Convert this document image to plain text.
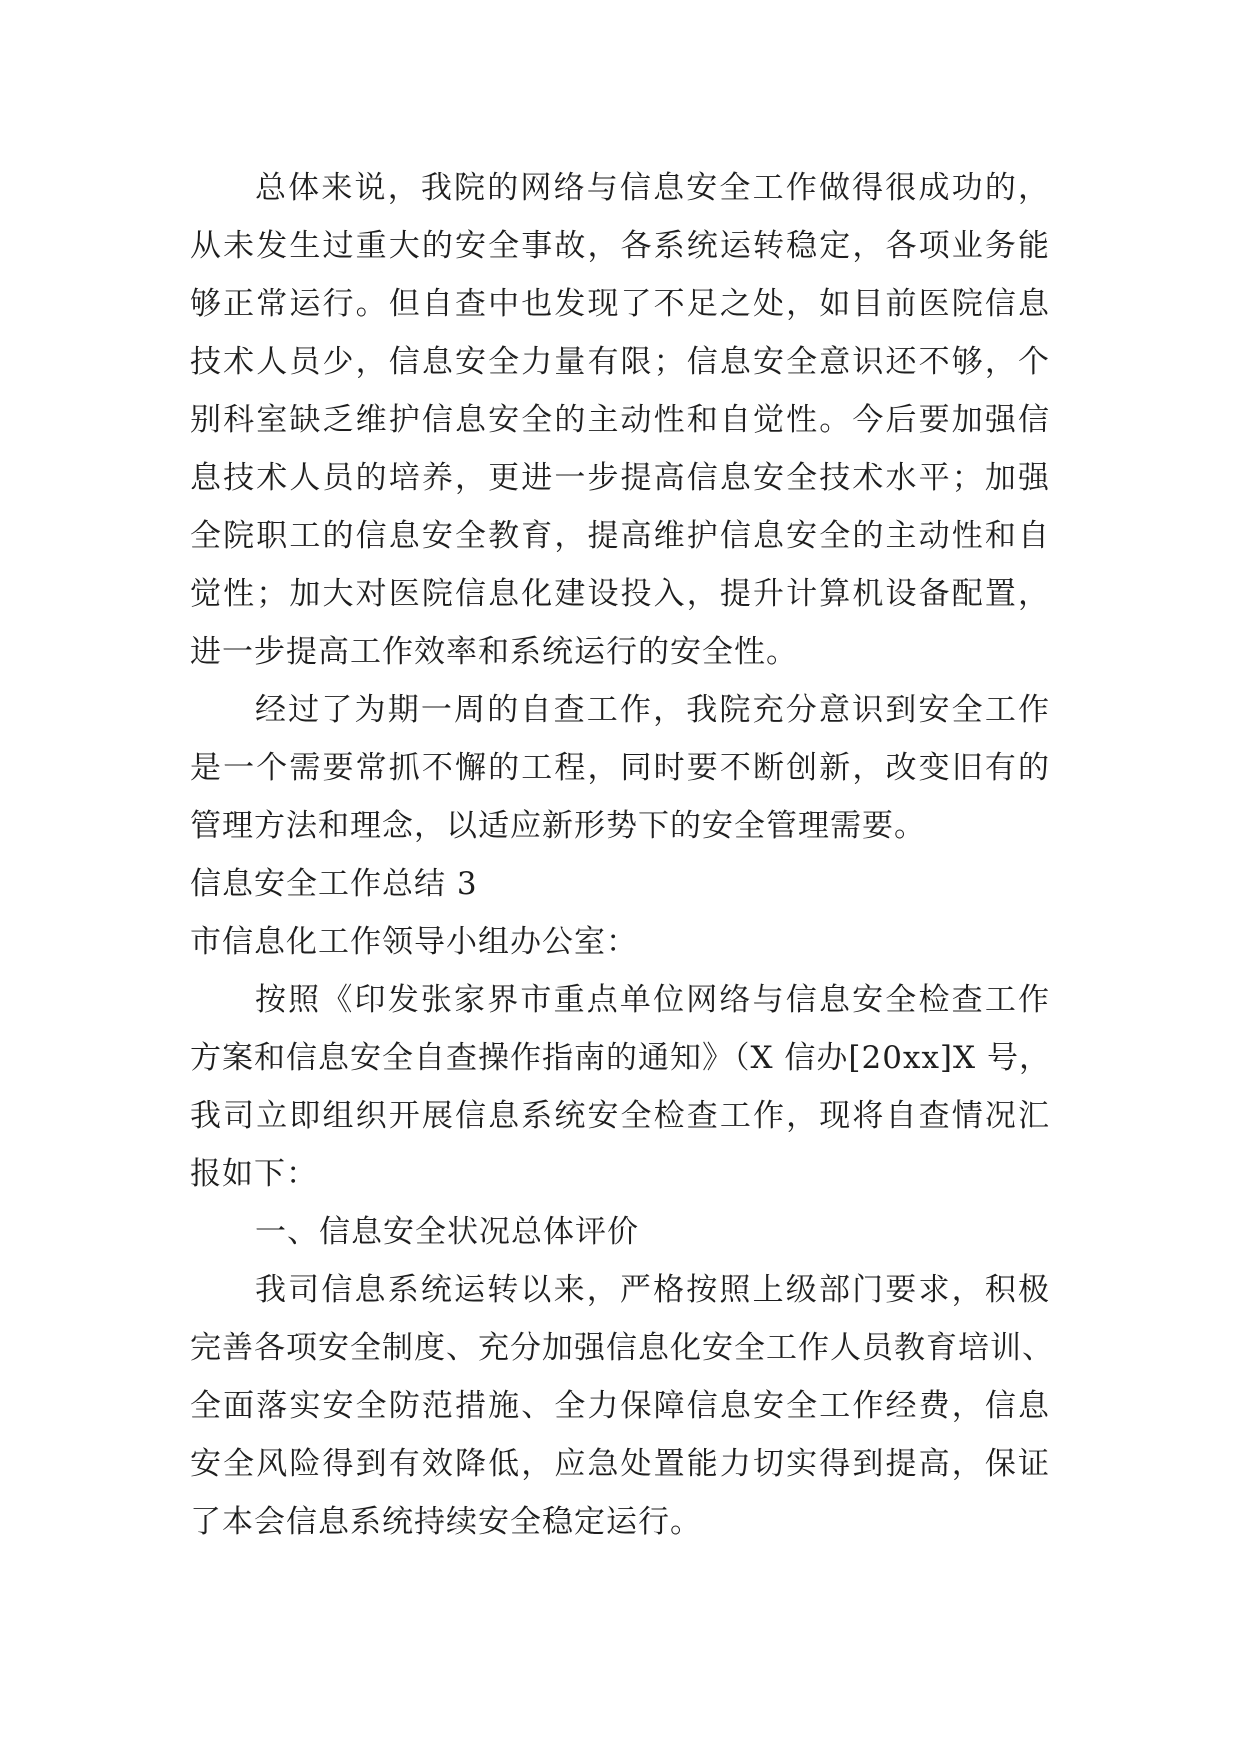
总体来说，我院的网络与信息安全工作做得很成功的，
从未发生过重大的安全事故，各系统运转稳定，各项业务能
够正常运行。但自查中也发现了不足之处，如目前医院信息
技术人员少，信息安全力量有限；信息安全意识还不够，个
别科室缺乏维护信息安全的主动性和自觉性。今后要加强信
息技术人员的培养，更进一步提高信息安全技术水平；加强
全院职工的信息安全教育，提高维护信息安全的主动性和自
觉性；加大对医院信息化建设投入，提升计算机设备配置，
进一步提高工作效率和系统运行的安全性。
经过了为期一周的自查工作，我院充分意识到安全工作
是一个需要常抓不懈的工程，同时要不断创新，改变旧有的
管理方法和理念，以适应新形势下的安全管理需要。
信息安全工作总结 3
市信息化工作领导小组办公室：
按照《印发张家界市重点单位网络与信息安全检查工作
方案和信息安全自查操作指南的通知》（X 信办[20xx]X 号，
我司立即组织开展信息系统安全检查工作，现将自查情况汇
报如下：
一、信息安全状况总体评价
我司信息系统运转以来，严格按照上级部门要求，积极
完善各项安全制度、充分加强信息化安全工作人员教育培训、
全面落实安全防范措施、全力保障信息安全工作经费，信息
安全风险得到有效降低，应急处置能力切实得到提高，保证
了本会信息系统持续安全稳定运行。
